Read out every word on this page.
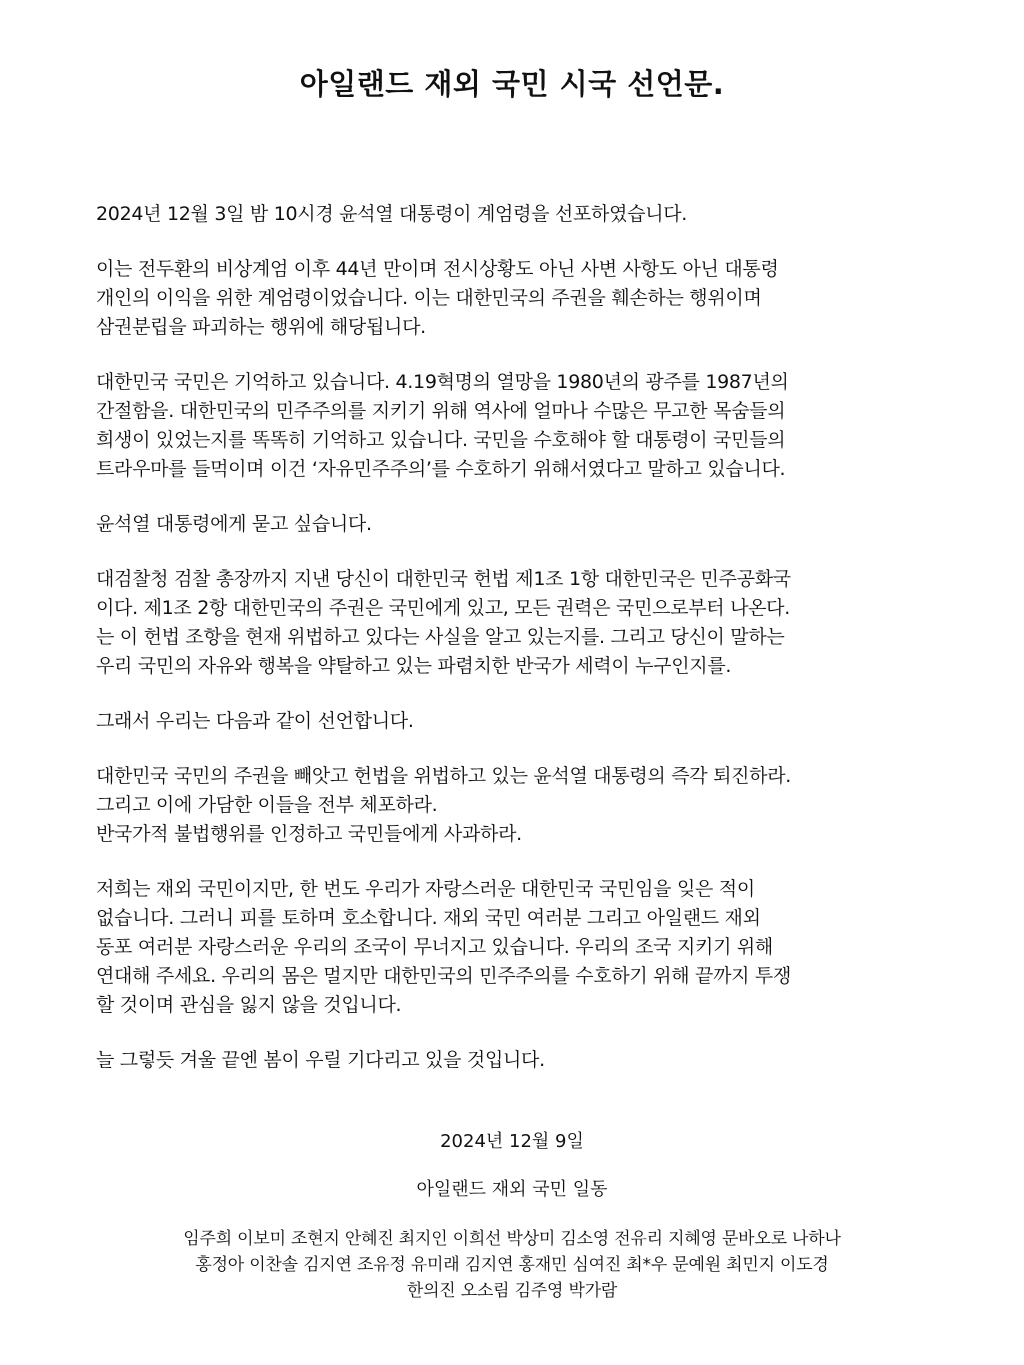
아일랜드 재외 국민 시국 선언문.
2024년 12월 3일 밤 10시경 윤석열 대통령이 계엄령을 선포하였습니다.
이는 전두환의 비상계엄 이후 44년 만이며 전시상황도 아닌 사변 사항도 아닌 대통령
개인의 이익을 위한 계엄령이었습니다. 이는 대한민국의 주권을 훼손하는 행위이며
삼권분립을 파괴하는 행위에 해당됩니다.
대한민국 국민은 기억하고 있습니다. 4.19혁명의 열망을 1980년의 광주를 1987년의
간절함을. 대한민국의 민주주의를 지키기 위해 역사에 얼마나 수많은 무고한 목숨들의
희생이 있었는지를 똑똑히 기억하고 있습니다. 국민을 수호해야 할 대통령이 국민들의
트라우마를 들먹이며 이건 ‘자유민주주의’를 수호하기 위해서였다고 말하고 있습니다.
윤석열 대통령에게 묻고 싶습니다.
대검찰청 검찰 총장까지 지낸 당신이 대한민국 헌법 제1조 1항 대한민국은 민주공화국
이다. 제1조 2항 대한민국의 주권은 국민에게 있고, 모든 권력은 국민으로부터 나온다.
는 이 헌법 조항을 현재 위법하고 있다는 사실을 알고 있는지를. 그리고 당신이 말하는
우리 국민의 자유와 행복을 약탈하고 있는 파렴치한 반국가 세력이 누구인지를.
그래서 우리는 다음과 같이 선언합니다.
대한민국 국민의 주권을 빼앗고 헌법을 위법하고 있는 윤석열 대통령의 즉각 퇴진하라.
그리고 이에 가담한 이들을 전부 체포하라.
반국가적 불법행위를 인정하고 국민들에게 사과하라.
저희는 재외 국민이지만, 한 번도 우리가 자랑스러운 대한민국 국민임을 잊은 적이
없습니다. 그러니 피를 토하며 호소합니다. 재외 국민 여러분 그리고 아일랜드 재외
동포 여러분 자랑스러운 우리의 조국이 무너지고 있습니다. 우리의 조국 지키기 위해
연대해 주세요. 우리의 몸은 멀지만 대한민국의 민주주의를 수호하기 위해 끝까지 투쟁
할 것이며 관심을 잃지 않을 것입니다.
늘 그렇듯 겨울 끝엔 봄이 우릴 기다리고 있을 것입니다.
2024년 12월 9일
아일랜드 재외 국민 일동
임주희 이보미 조현지 안혜진 최지인 이희선 박상미 김소영 전유리 지혜영 문바오로 나하나
홍정아 이찬솔 김지연 조유정 유미래 김지연 홍재민 심여진 최*우 문예원 최민지 이도경
한의진 오소림 김주영 박가람
